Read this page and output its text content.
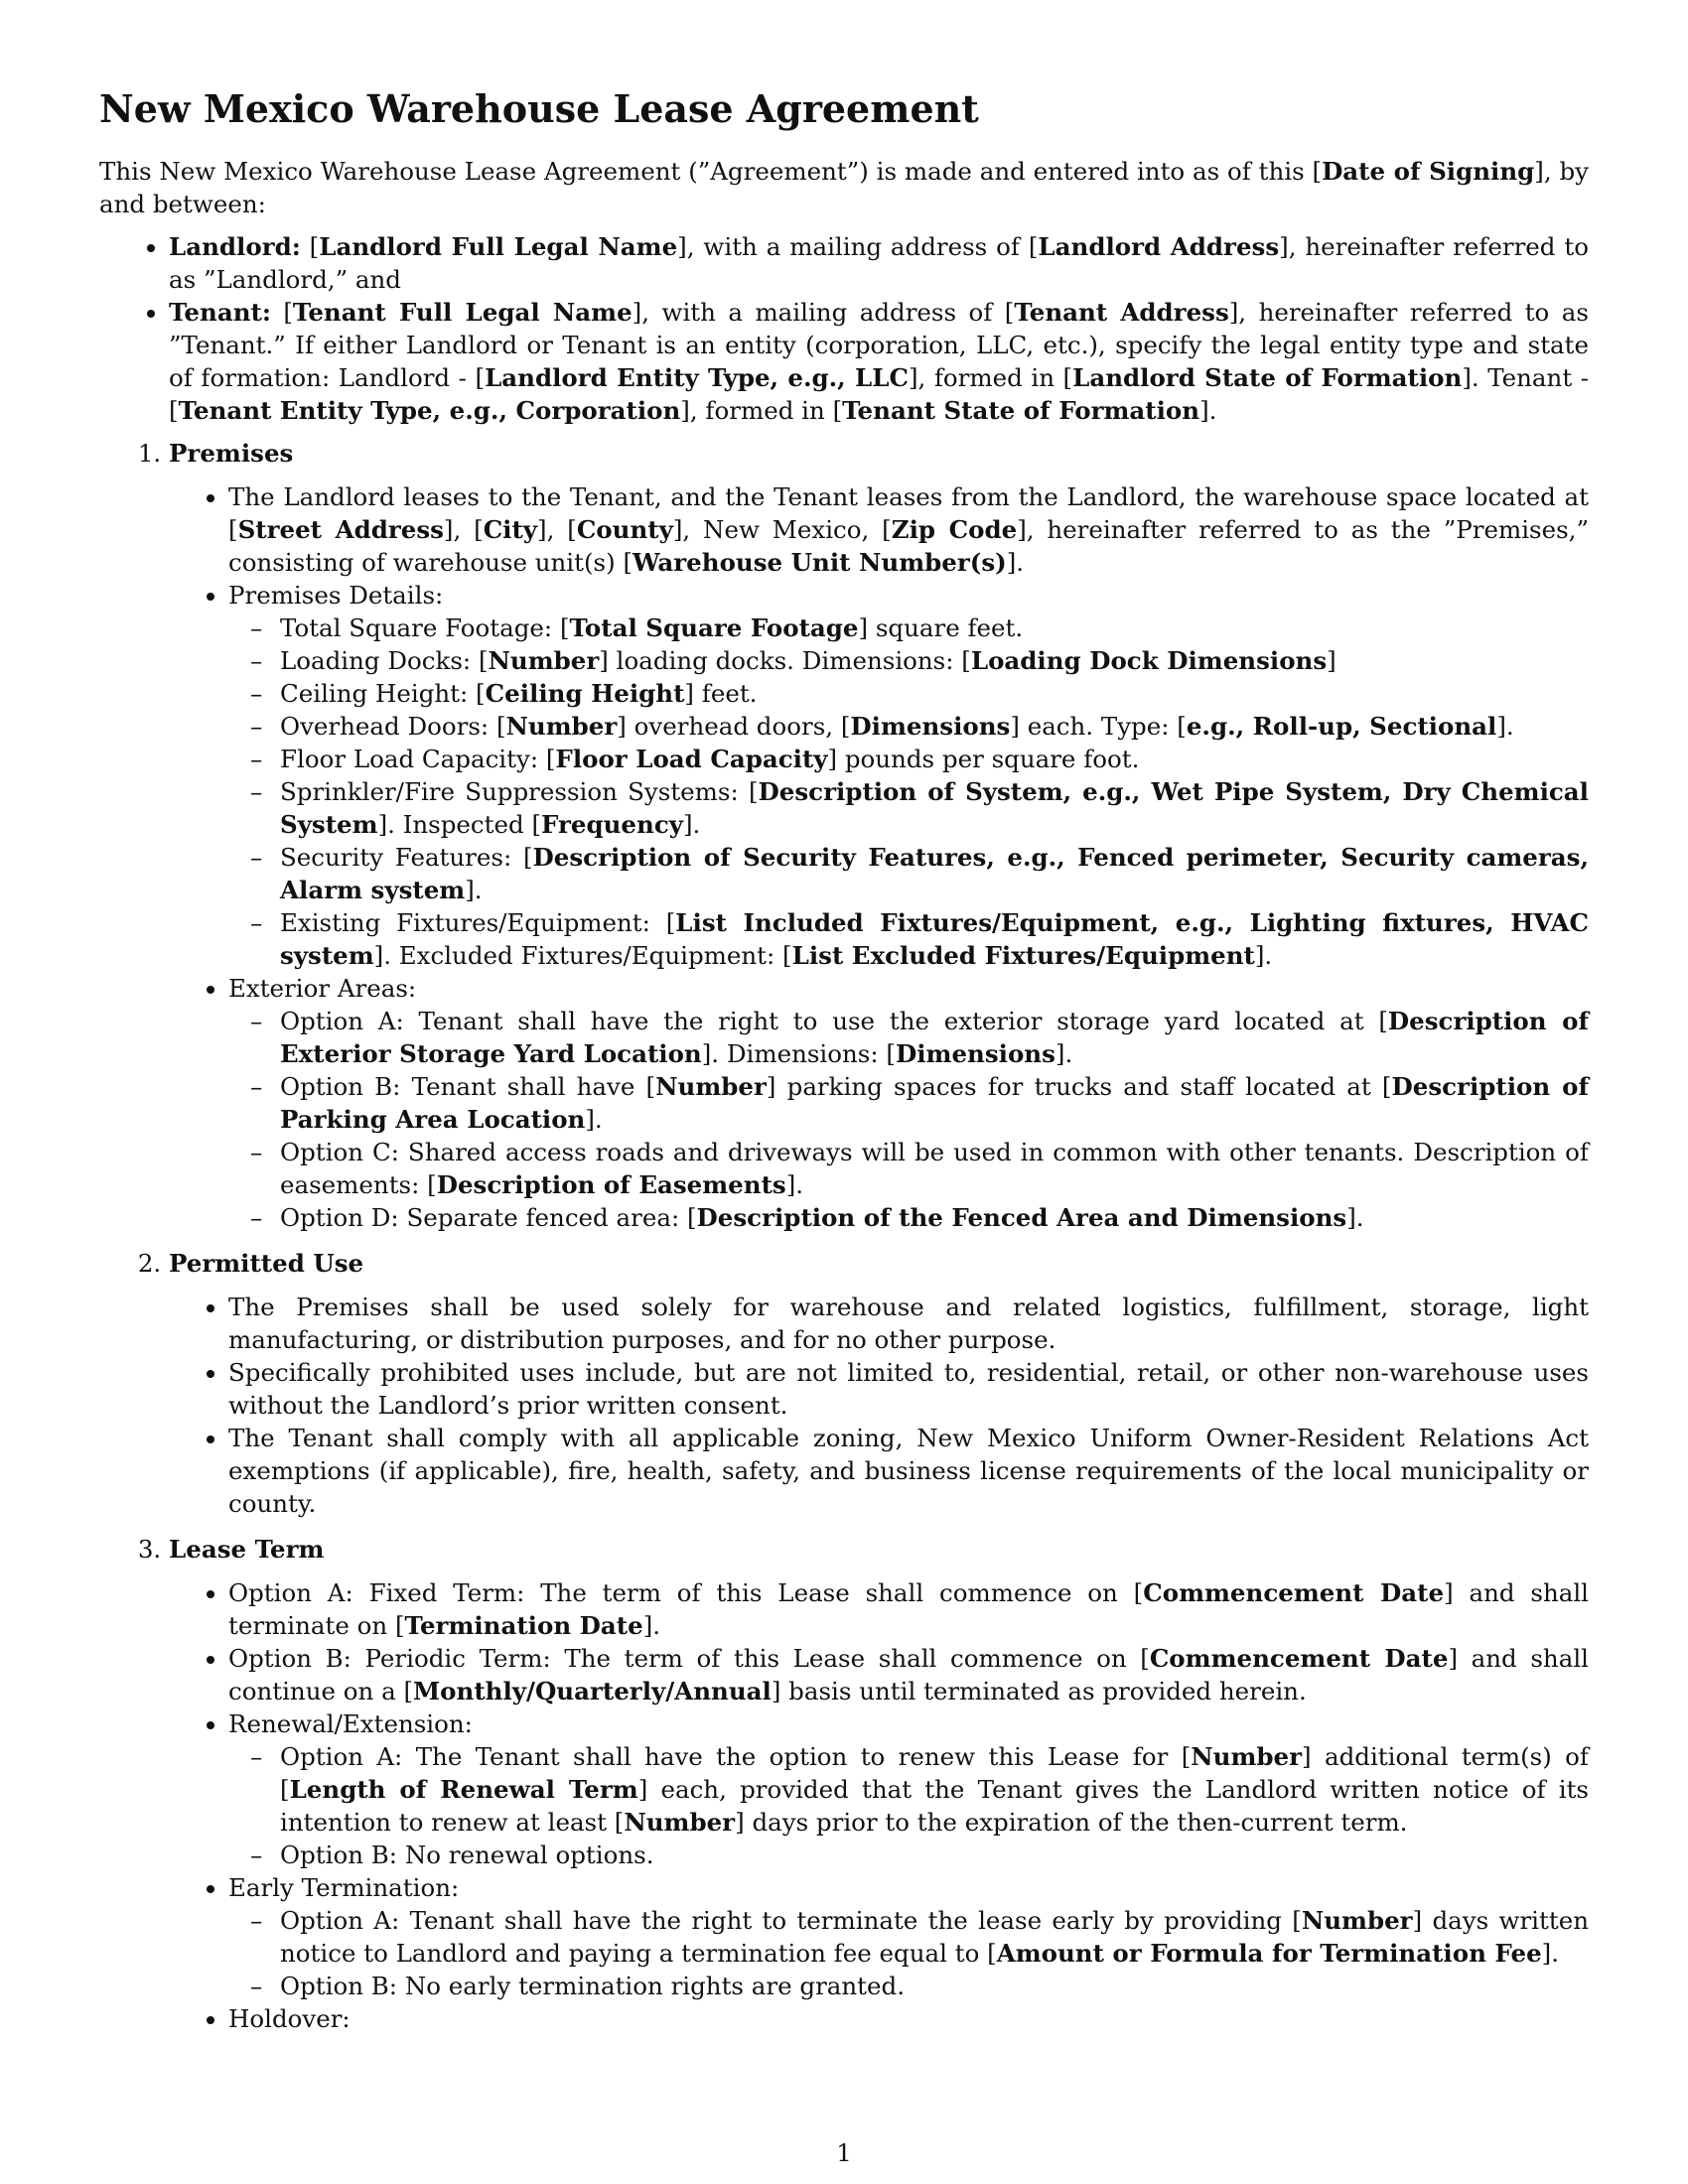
New Mexico Warehouse Lease Agreement

This New Mexico Warehouse Lease Agreement (”Agreement”) is made and entered into as of this [Date of Signing], by and between:

• Landlord: [Landlord Full Legal Name], with a mailing address of [Landlord Address], hereinafter referred to as ”Landlord,” and
• Tenant: [Tenant Full Legal Name], with a mailing address of [Tenant Address], hereinafter referred to as ”Tenant.” If either Landlord or Tenant is an entity (corporation, LLC, etc.), specify the legal entity type and state of formation: Landlord - [Landlord Entity Type, e.g., LLC], formed in [Landlord State of Formation]. Tenant - [Tenant Entity Type, e.g., Corporation], formed in [Tenant State of Formation].
1. Premises
• The Landlord leases to the Tenant, and the Tenant leases from the Landlord, the warehouse space located at [Street Address], [City], [County], New Mexico, [Zip Code], hereinafter referred to as the ”Premises,” consisting of warehouse unit(s) [Warehouse Unit Number(s)].
• Premises Details:
– Total Square Footage: [Total Square Footage] square feet.
– Loading Docks: [Number] loading docks. Dimensions: [Loading Dock Dimensions]
– Ceiling Height: [Ceiling Height] feet.
– Overhead Doors: [Number] overhead doors, [Dimensions] each. Type: [e.g., Roll-up, Sectional].
– Floor Load Capacity: [Floor Load Capacity] pounds per square foot.
– Sprinkler/Fire Suppression Systems: [Description of System, e.g., Wet Pipe System, Dry Chemical System]. Inspected [Frequency].
– Security Features: [Description of Security Features, e.g., Fenced perimeter, Security cameras, Alarm system].
– Existing Fixtures/Equipment: [List Included Fixtures/Equipment, e.g., Lighting fixtures, HVAC system]. Excluded Fixtures/Equipment: [List Excluded Fixtures/Equipment].
• Exterior Areas:
– Option A: Tenant shall have the right to use the exterior storage yard located at [Description of Exterior Storage Yard Location]. Dimensions: [Dimensions].
– Option B: Tenant shall have [Number] parking spaces for trucks and staff located at [Description of Parking Area Location].
– Option C: Shared access roads and driveways will be used in common with other tenants. Description of easements: [Description of Easements].
– Option D: Separate fenced area: [Description of the Fenced Area and Dimensions].
2. Permitted Use
• The Premises shall be used solely for warehouse and related logistics, fulfillment, storage, light manufacturing, or distribution purposes, and for no other purpose.
• Specifically prohibited uses include, but are not limited to, residential, retail, or other non-warehouse uses without the Landlord’s prior written consent.
• The Tenant shall comply with all applicable zoning, New Mexico Uniform Owner-Resident Relations Act exemptions (if applicable), fire, health, safety, and business license requirements of the local municipality or county.
3. Lease Term
• Option A: Fixed Term: The term of this Lease shall commence on [Commencement Date] and shall terminate on [Termination Date].
• Option B: Periodic Term: The term of this Lease shall commence on [Commencement Date] and shall continue on a [Monthly/Quarterly/Annual] basis until terminated as provided herein.
• Renewal/Extension:
– Option A: The Tenant shall have the option to renew this Lease for [Number] additional term(s) of [Length of Renewal Term] each, provided that the Tenant gives the Landlord written notice of its intention to renew at least [Number] days prior to the expiration of the then-current term.
– Option B: No renewal options.
• Early Termination:
– Option A: Tenant shall have the right to terminate the lease early by providing [Number] days written notice to Landlord and paying a termination fee equal to [Amount or Formula for Termination Fee].
– Option B: No early termination rights are granted.
• Holdover:
1
